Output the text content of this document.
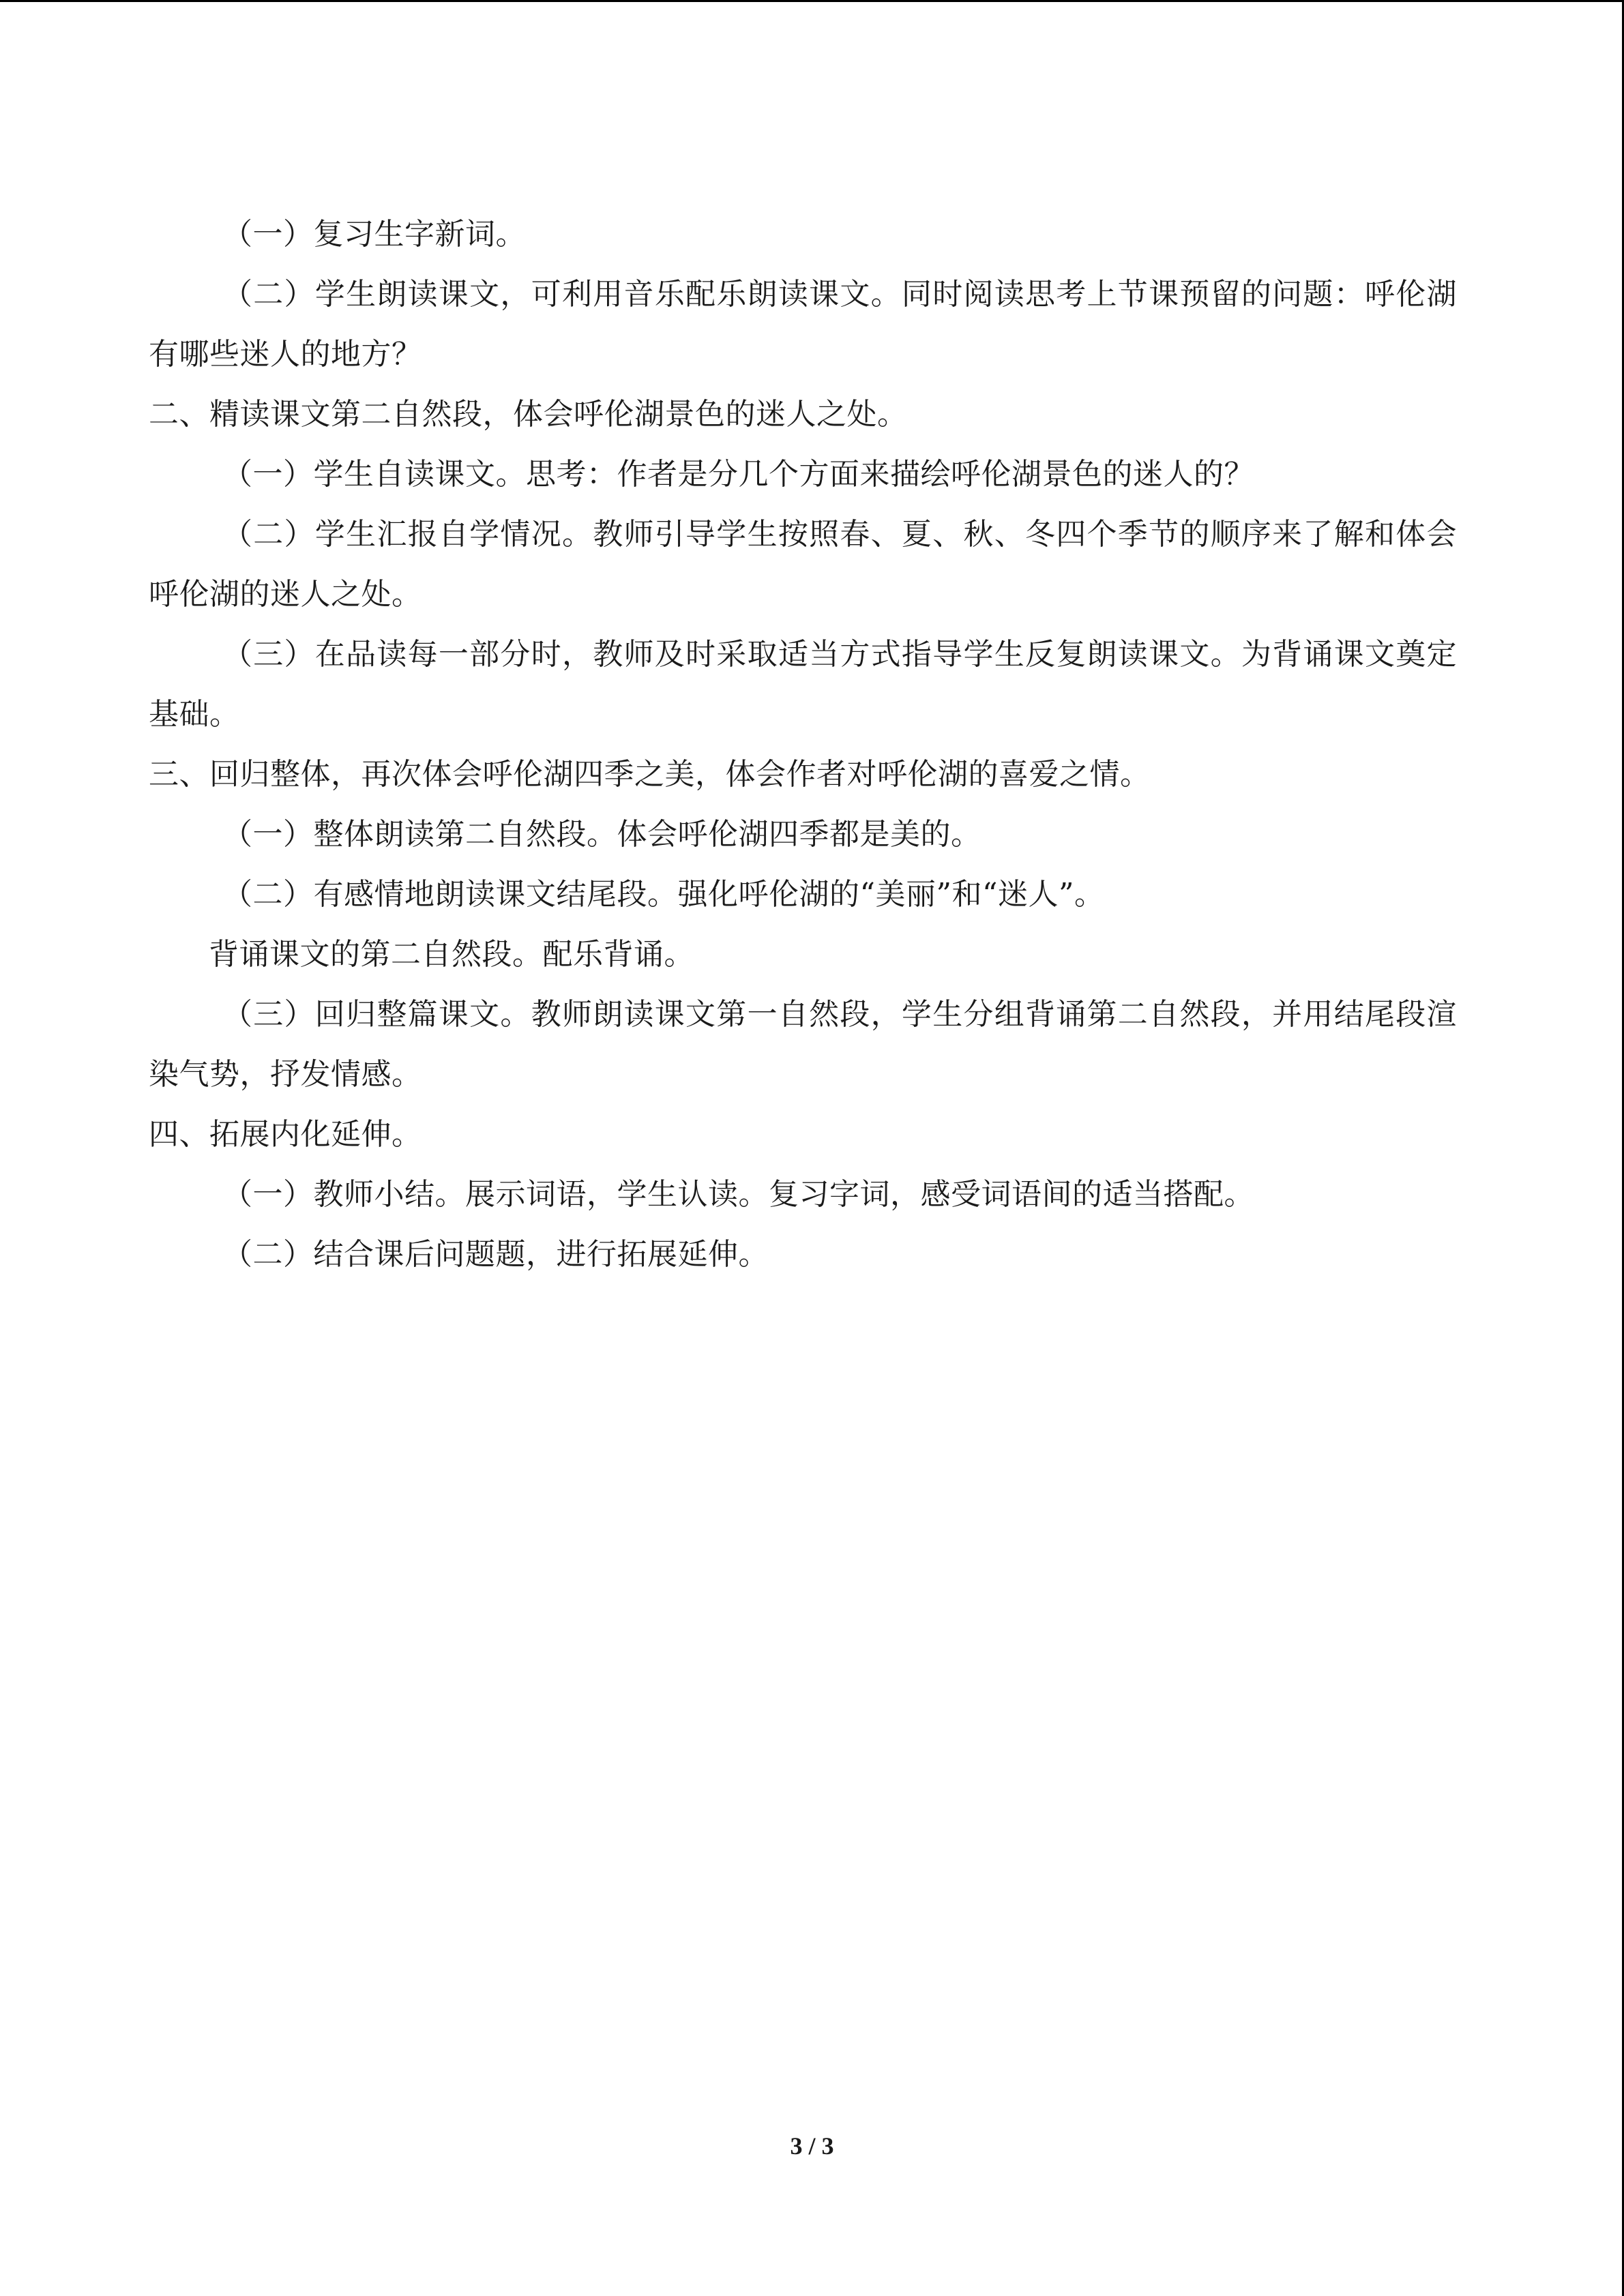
（一）复习生字新词。

（二）学生朗读课文，可利用音乐配乐朗读课文。同时阅读思考上节课预留的问题：呼伦湖有哪些迷人的地方？

二、精读课文第二自然段，体会呼伦湖景色的迷人之处。

（一）学生自读课文。思考：作者是分几个方面来描绘呼伦湖景色的迷人的？

（二）学生汇报自学情况。教师引导学生按照春、夏、秋、冬四个季节的顺序来了解和体会呼伦湖的迷人之处。

（三）在品读每一部分时，教师及时采取适当方式指导学生反复朗读课文。为背诵课文奠定基础。

三、回归整体，再次体会呼伦湖四季之美，体会作者对呼伦湖的喜爱之情。

（一）整体朗读第二自然段。体会呼伦湖四季都是美的。

（二）有感情地朗读课文结尾段。强化呼伦湖的“美丽”和“迷人”。

背诵课文的第二自然段。配乐背诵。

（三）回归整篇课文。教师朗读课文第一自然段，学生分组背诵第二自然段，并用结尾段渲染气势，抒发情感。

四、拓展内化延伸。

（一）教师小结。展示词语，学生认读。复习字词，感受词语间的适当搭配。

（二）结合课后问题题，进行拓展延伸。

3 / 3
